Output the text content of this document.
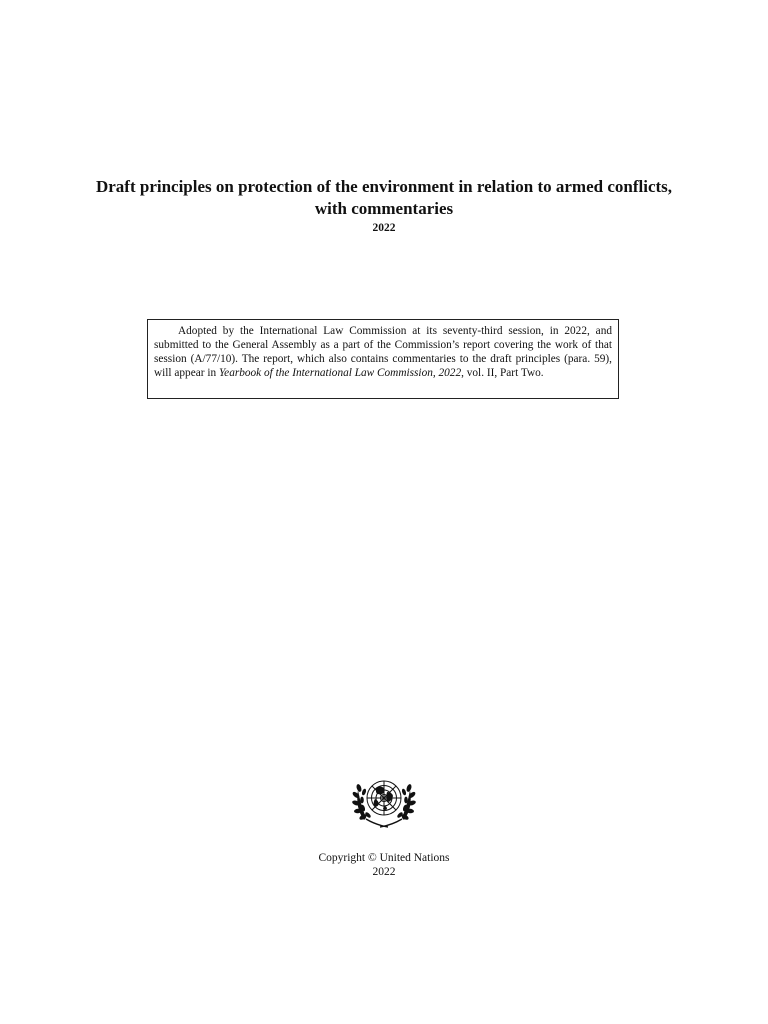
Draft principles on protection of the environment in relation to armed conflicts, with commentaries
2022

Adopted by the International Law Commission at its seventy-third session, in 2022, and submitted to the General Assembly as a part of the Commission’s report covering the work of that session (A/77/10). The report, which also contains commentaries to the draft principles (para. 59), will appear in Yearbook of the International Law Commission, 2022, vol. II, Part Two.

Copyright © United Nations
2022
